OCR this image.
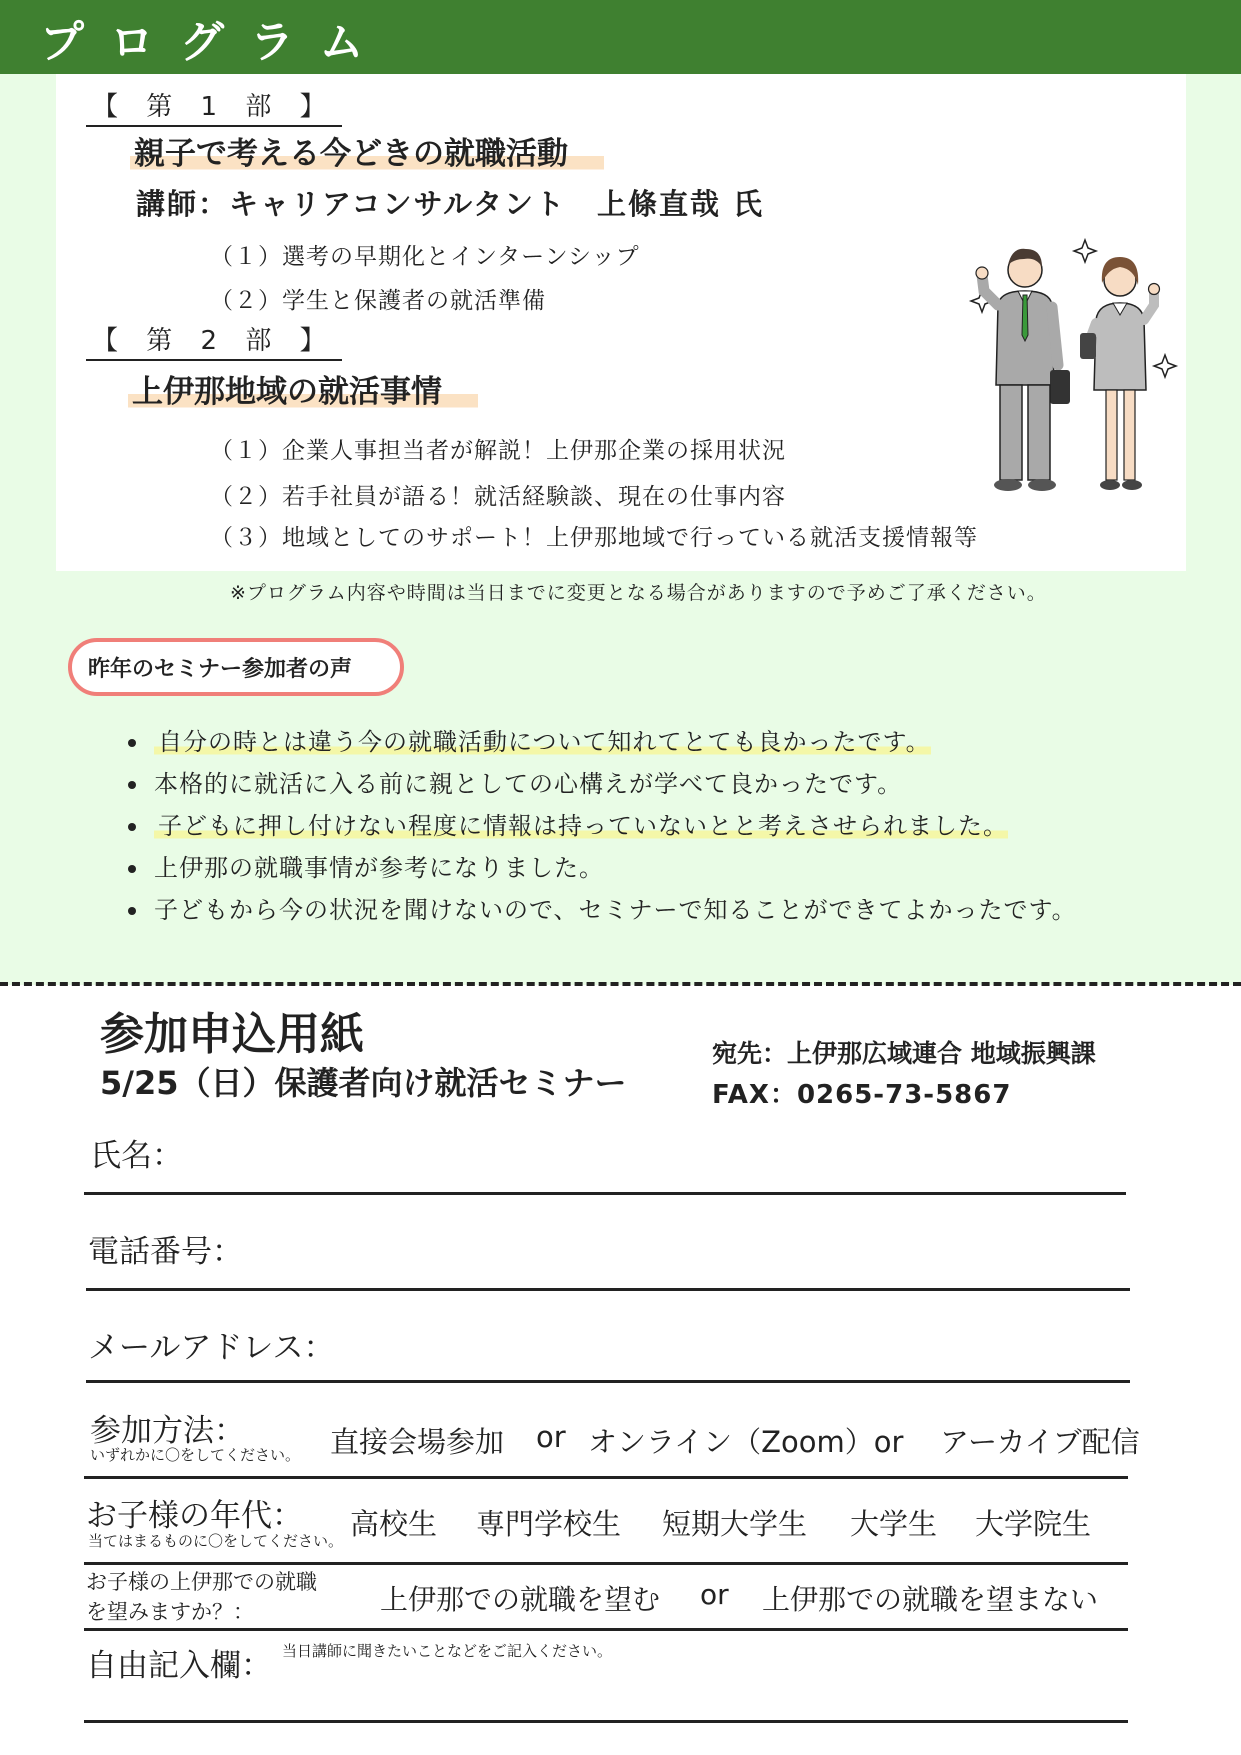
プログラム
【 第 1 部 】
親子で考える今どきの就職活動
講師：キャリアコンサルタント　上條直哉 氏
（１）選考の早期化とインターンシップ
（２）学生と保護者の就活準備
【 第 2 部 】
上伊那地域の就活事情
（１）企業人事担当者が解説！上伊那企業の採用状況
（２）若手社員が語る！就活経験談、現在の仕事内容
（３）地域としてのサポート！上伊那地域で行っている就活支援情報等
※プログラム内容や時間は当日までに変更となる場合がありますので予めご了承ください。
昨年のセミナー参加者の声
自分の時とは違う今の就職活動について知れてとても良かったです。
本格的に就活に入る前に親としての心構えが学べて良かったです。
子どもに押し付けない程度に情報は持っていないとと考えさせられました。
上伊那の就職事情が参考になりました。
子どもから今の状況を聞けないので、セミナーで知ることができてよかったです。
参加申込用紙
5/25（日）保護者向け就活セミナー
宛先：上伊那広域連合 地域振興課
FAX：0265-73-5867
氏名：
電話番号：
メールアドレス：
参加方法：
いずれかに〇をしてください。 直接会場参加 or オンライン（Zoom）or アーカイブ配信
お子様の年代：
当てはまるものに〇をしてください。 高校生 専門学校生 短期大学生 大学生 大学院生
お子様の上伊那での就職
を望みますか？：	上伊那での就職を望む or 上伊那での就職を望まない
自由記入欄： 当日講師に聞きたいことなどをご記入ください。
